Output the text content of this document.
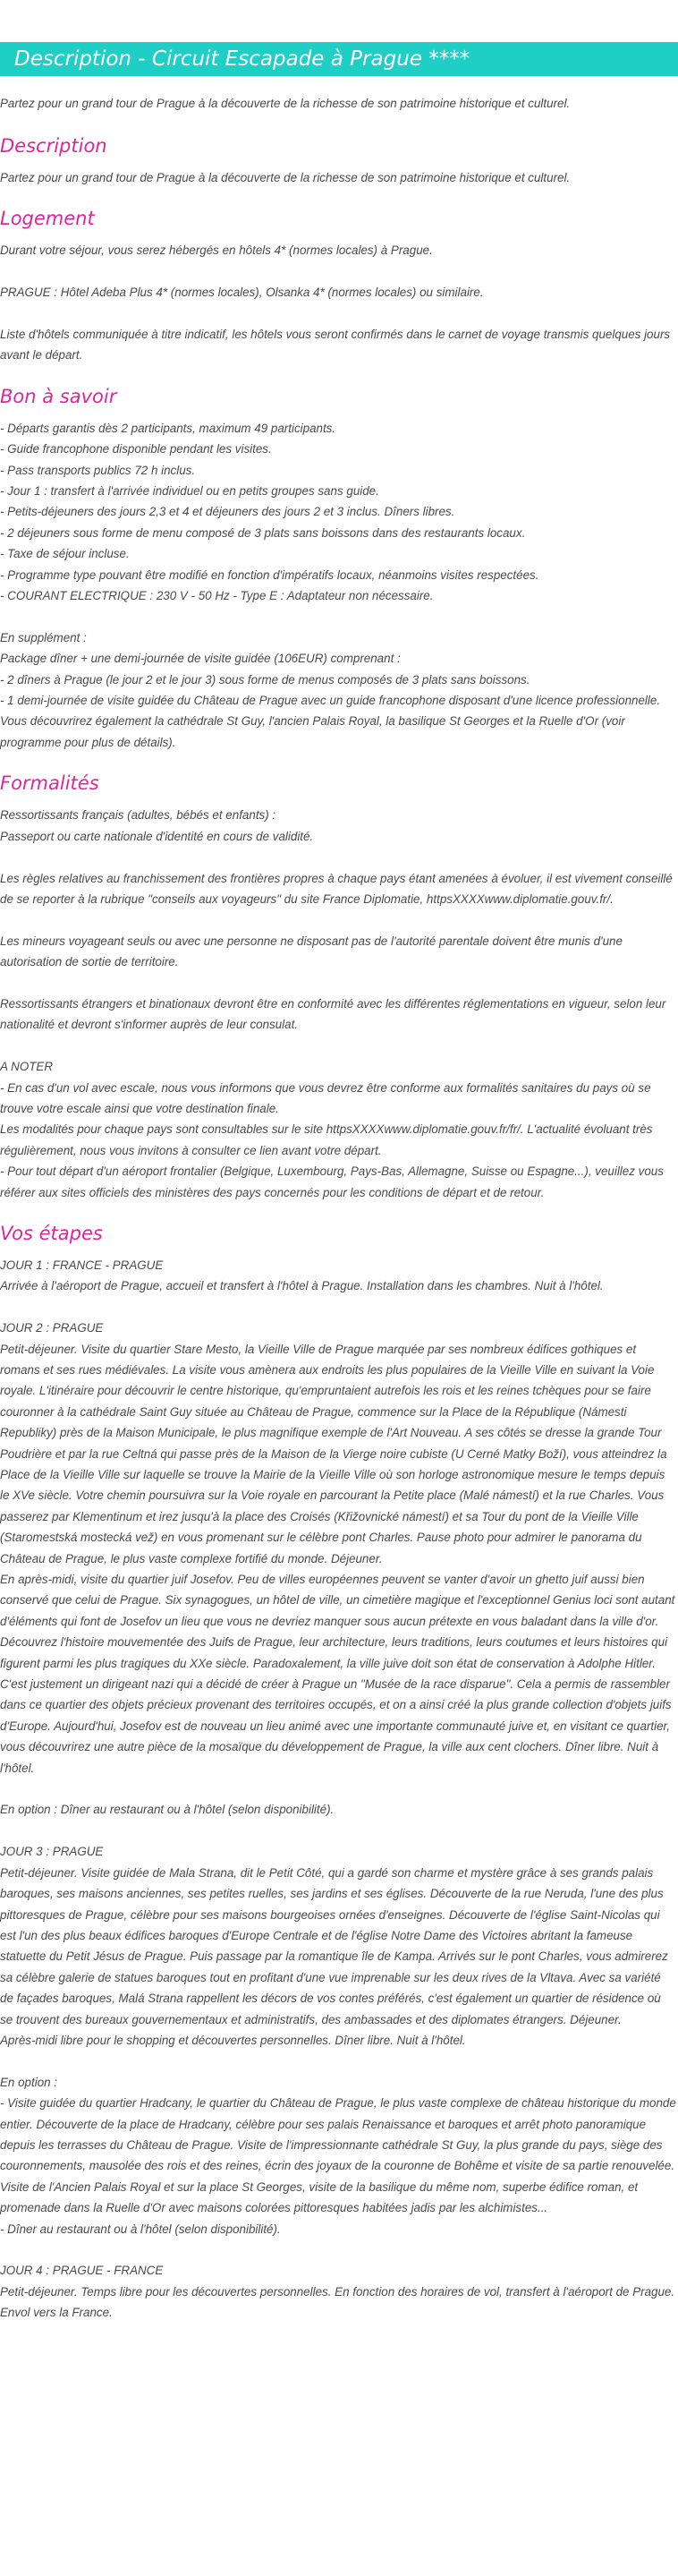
Description - Circuit Escapade à Prague ****

Partez pour un grand tour de Prague à la découverte de la richesse de son patrimoine historique et culturel.

Description

Partez pour un grand tour de Prague à la découverte de la richesse de son patrimoine historique et culturel.

Logement

Durant votre séjour, vous serez hébergés en hôtels 4* (normes locales) à Prague.

PRAGUE : Hôtel Adeba Plus 4* (normes locales), Olsanka 4* (normes locales) ou similaire.

Liste d'hôtels communiquée à titre indicatif, les hôtels vous seront confirmés dans le carnet de voyage transmis quelques jours avant le départ.

Bon à savoir

- Départs garantis dès 2 participants, maximum 49 participants.

- Guide francophone disponible pendant les visites.

- Pass transports publics 72 h inclus.

- Jour 1 : transfert à l'arrivée individuel ou en petits groupes sans guide.

- Petits-déjeuners des jours 2,3 et 4 et déjeuners des jours 2 et 3 inclus. Dîners libres.

- 2 déjeuners sous forme de menu composé de 3 plats sans boissons dans des restaurants locaux.

- Taxe de séjour incluse.

- Programme type pouvant être modifié en fonction d'impératifs locaux, néanmoins visites respectées.

- COURANT ELECTRIQUE : 230 V - 50 Hz - Type E : Adaptateur non nécessaire.

En supplément :

Package dîner + une demi-journée de visite guidée (106EUR) comprenant :

- 2 dîners à Prague (le jour 2 et le jour 3) sous forme de menus composés de 3 plats sans boissons.

- 1 demi-journée de visite guidée du Château de Prague avec un guide francophone disposant d'une licence professionnelle. Vous découvrirez également la cathédrale St Guy, l'ancien Palais Royal, la basilique St Georges et la Ruelle d'Or (voir programme pour plus de détails).

Formalités

Ressortissants français (adultes, bébés et enfants) :

Passeport ou carte nationale d'identité en cours de validité.

Les règles relatives au franchissement des frontières propres à chaque pays étant amenées à évoluer, il est vivement conseillé de se reporter à la rubrique "conseils aux voyageurs" du site France Diplomatie, httpsXXXXwww.diplomatie.gouv.fr/.

Les mineurs voyageant seuls ou avec une personne ne disposant pas de l'autorité parentale doivent être munis d'une autorisation de sortie de territoire.

Ressortissants étrangers et binationaux devront être en conformité avec les différentes réglementations en vigueur, selon leur nationalité et devront s'informer auprès de leur consulat.

A NOTER

- En cas d'un vol avec escale, nous vous informons que vous devrez être conforme aux formalités sanitaires du pays où se trouve votre escale ainsi que votre destination finale.

Les modalités pour chaque pays sont consultables sur le site httpsXXXXwww.diplomatie.gouv.fr/fr/. L'actualité évoluant très régulièrement, nous vous invitons à consulter ce lien avant votre départ.

- Pour tout départ d'un aéroport frontalier (Belgique, Luxembourg, Pays-Bas, Allemagne, Suisse ou Espagne...), veuillez vous référer aux sites officiels des ministères des pays concernés pour les conditions de départ et de retour.

Vos étapes

JOUR 1 : FRANCE - PRAGUE

Arrivée à l'aéroport de Prague, accueil et transfert à l'hôtel à Prague. Installation dans les chambres. Nuit à l'hôtel.

JOUR 2 : PRAGUE

Petit-déjeuner. Visite du quartier Stare Mesto, la Vieille Ville de Prague marquée par ses nombreux édifices gothiques et romans et ses rues médiévales. La visite vous amènera aux endroits les plus populaires de la Vieille Ville en suivant la Voie royale. L'itinéraire pour découvrir le centre historique, qu'empruntaient autrefois les rois et les reines tchèques pour se faire couronner à la cathédrale Saint Guy située au Château de Prague, commence sur la Place de la République (Námesti Republiky) près de la Maison Municipale, le plus magnifique exemple de l'Art Nouveau. A ses côtés se dresse la grande Tour Poudrière et par la rue Celtná qui passe près de la Maison de la Vierge noire cubiste (U Cerné Matky Boží), vous atteindrez la Place de la Vieille Ville sur laquelle se trouve la Mairie de la Vieille Ville où son horloge astronomique mesure le temps depuis le XVe siècle. Votre chemin poursuivra sur la Voie royale en parcourant la Petite place (Malé námestí) et la rue Charles. Vous passerez par Klementinum et irez jusqu'à la place des Croisés (Křižovnické námestí) et sa Tour du pont de la Vieille Ville (Staromestská mostecká vež) en vous promenant sur le célèbre pont Charles. Pause photo pour admirer le panorama du Château de Prague, le plus vaste complexe fortifié du monde. Déjeuner.

En après-midi, visite du quartier juif Josefov. Peu de villes européennes peuvent se vanter d'avoir un ghetto juif aussi bien conservé que celui de Prague. Six synagogues, un hôtel de ville, un cimetière magique et l'exceptionnel Genius loci sont autant d'éléments qui font de Josefov un lieu que vous ne devriez manquer sous aucun prétexte en vous baladant dans la ville d'or. Découvrez l'histoire mouvementée des Juifs de Prague, leur architecture, leurs traditions, leurs coutumes et leurs histoires qui figurent parmi les plus tragiques du XXe siècle. Paradoxalement, la ville juive doit son état de conservation à Adolphe Hitler. C'est justement un dirigeant nazi qui a décidé de créer à Prague un "Musée de la race disparue". Cela a permis de rassembler dans ce quartier des objets précieux provenant des territoires occupés, et on a ainsi créé la plus grande collection d'objets juifs d'Europe. Aujourd'hui, Josefov est de nouveau un lieu animé avec une importante communauté juive et, en visitant ce quartier, vous découvrirez une autre pièce de la mosaïque du développement de Prague, la ville aux cent clochers. Dîner libre. Nuit à l'hôtel.

En option : Dîner au restaurant ou à l'hôtel (selon disponibilité).

JOUR 3 : PRAGUE

Petit-déjeuner. Visite guidée de Mala Strana, dit le Petit Côté, qui a gardé son charme et mystère grâce à ses grands palais baroques, ses maisons anciennes, ses petites ruelles, ses jardins et ses églises. Découverte de la rue Neruda, l'une des plus pittoresques de Prague, célèbre pour ses maisons bourgeoises ornées d'enseignes. Découverte de l'église Saint-Nicolas qui est l'un des plus beaux édifices baroques d'Europe Centrale et de l'église Notre Dame des Victoires abritant la fameuse statuette du Petit Jésus de Prague. Puis passage par la romantique île de Kampa. Arrivés sur le pont Charles, vous admirerez sa célèbre galerie de statues baroques tout en profitant d'une vue imprenable sur les deux rives de la Vltava. Avec sa variété de façades baroques, Malá Strana rappellent les décors de vos contes préférés, c'est également un quartier de résidence où se trouvent des bureaux gouvernementaux et administratifs, des ambassades et des diplomates étrangers. Déjeuner.

Après-midi libre pour le shopping et découvertes personnelles. Dîner libre. Nuit à l'hôtel.

En option :

- Visite guidée du quartier Hradcany, le quartier du Château de Prague, le plus vaste complexe de château historique du monde entier. Découverte de la place de Hradcany, célèbre pour ses palais Renaissance et baroques et arrêt photo panoramique depuis les terrasses du Château de Prague. Visite de l'impressionnante cathédrale St Guy, la plus grande du pays, siège des couronnements, mausolée des rois et des reines, écrin des joyaux de la couronne de Bohême et visite de sa partie renouvelée. Visite de l'Ancien Palais Royal et sur la place St Georges, visite de la basilique du même nom, superbe édifice roman, et promenade dans la Ruelle d'Or avec maisons colorées pittoresques habitées jadis par les alchimistes...

- Dîner au restaurant ou à l'hôtel (selon disponibilité).

JOUR 4 : PRAGUE - FRANCE

Petit-déjeuner. Temps libre pour les découvertes personnelles. En fonction des horaires de vol, transfert à l'aéroport de Prague. Envol vers la France.
